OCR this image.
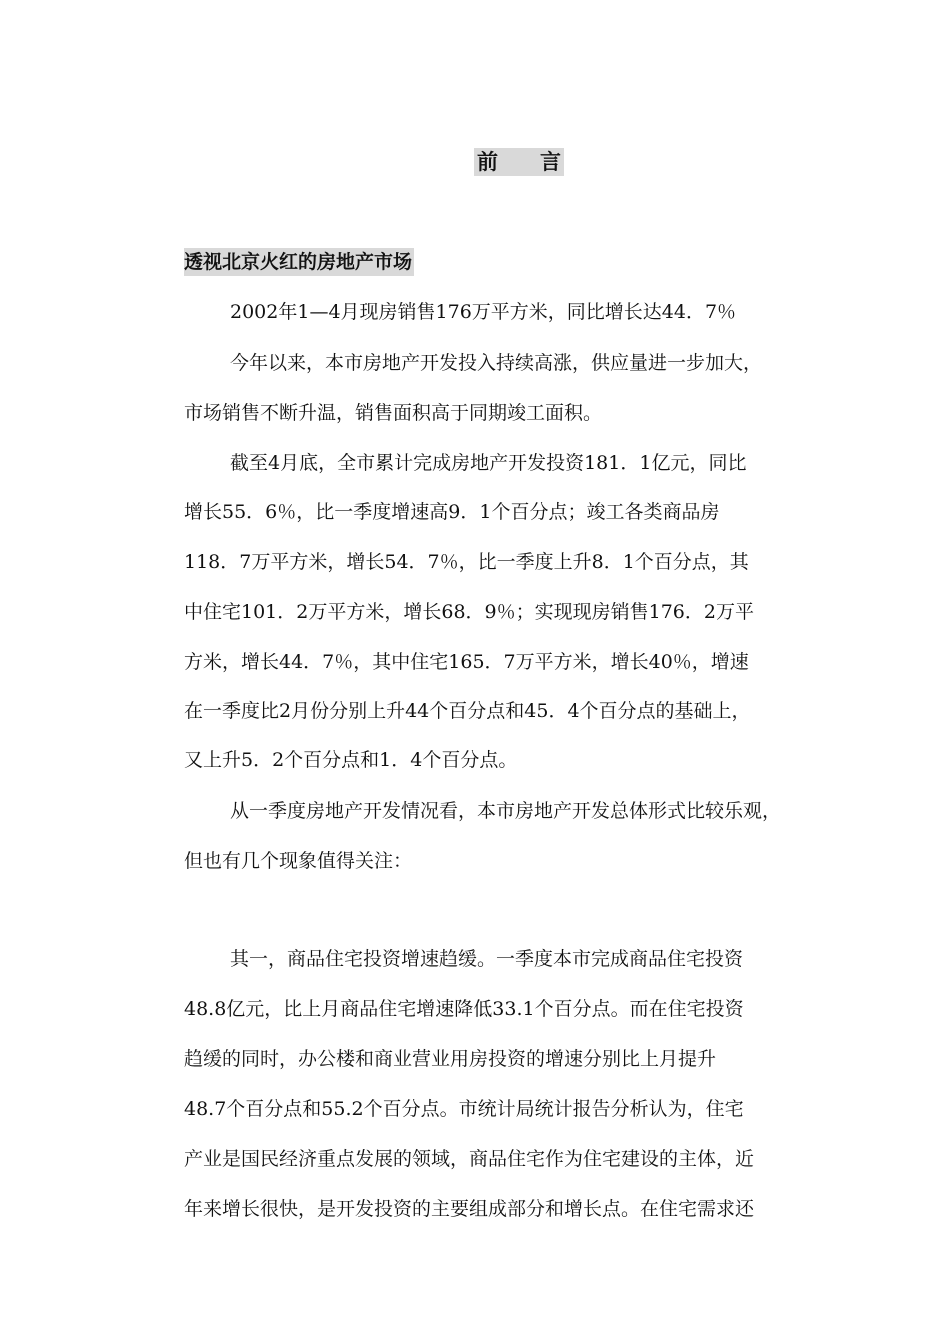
前 言
透视北京火红的房地产市场
2002年1—4月现房销售176万平方米，同比增长达44．7％
今年以来，本市房地产开发投入持续高涨，供应量进一步加大，
市场销售不断升温，销售面积高于同期竣工面积。
截至4月底，全市累计完成房地产开发投资181．1亿元，同比
增长55．6％，比一季度增速高9．1个百分点；竣工各类商品房
118．7万平方米，增长54．7％，比一季度上升8．1个百分点，其
中住宅101．2万平方米，增长68．9％；实现现房销售176．2万平
方米，增长44．7％，其中住宅165．7万平方米，增长40％，增速
在一季度比2月份分别上升44个百分点和45．4个百分点的基础上，
又上升5．2个百分点和1．4个百分点。
从一季度房地产开发情况看，本市房地产开发总体形式比较乐观，
但也有几个现象值得关注：
其一，商品住宅投资增速趋缓。一季度本市完成商品住宅投资
48.8亿元，比上月商品住宅增速降低33.1个百分点。而在住宅投资
趋缓的同时，办公楼和商业营业用房投资的增速分别比上月提升
48.7个百分点和55.2个百分点。市统计局统计报告分析认为，住宅
产业是国民经济重点发展的领域，商品住宅作为住宅建设的主体，近
年来增长很快，是开发投资的主要组成部分和增长点。在住宅需求还
